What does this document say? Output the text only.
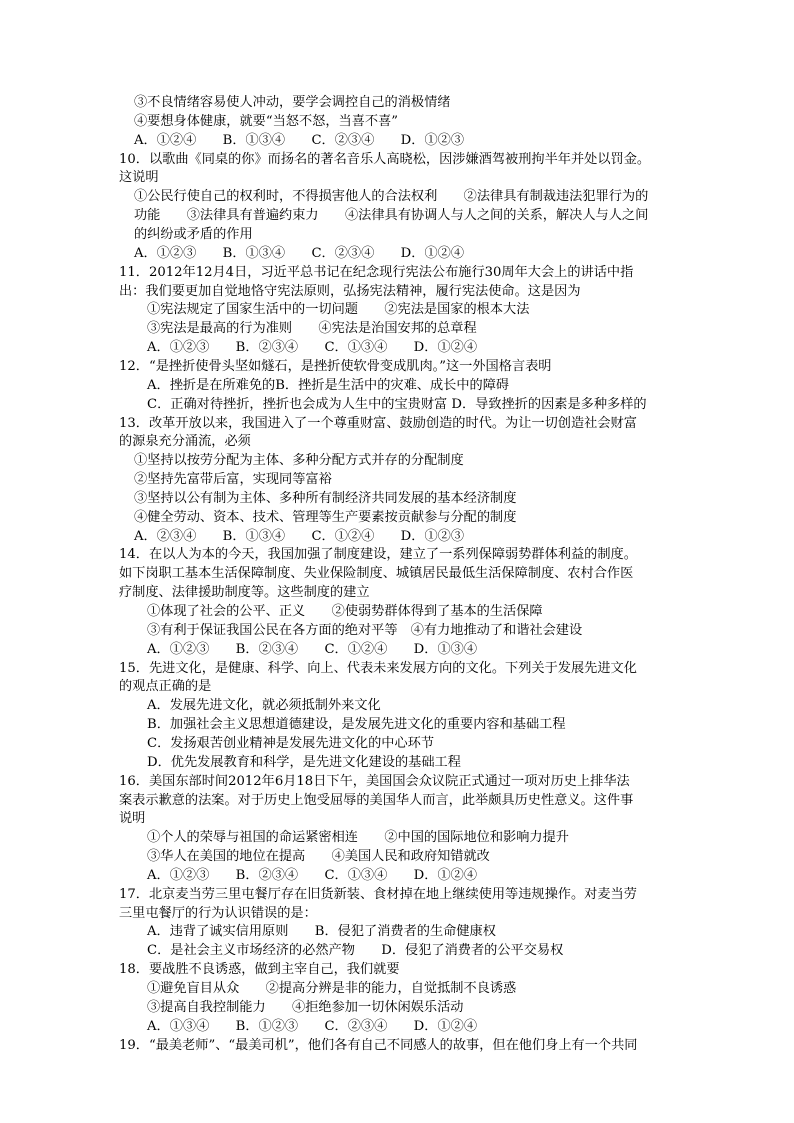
③不良情绪容易使人冲动，要学会调控自己的消极情绪
④要想身体健康，就要“当怒不怒，当喜不喜”
A．①②④　　B．①③④　　C．②③④　　D．①②③
10．以歌曲《同桌的你》而扬名的著名音乐人高晓松，因涉嫌酒驾被刑拘半年并处以罚金。
这说明
①公民行使自己的权利时，不得损害他人的合法权利　　②法律具有制裁违法犯罪行为的
功能　　③法律具有普遍约束力　　④法律具有协调人与人之间的关系，解决人与人之间
的纠纷或矛盾的作用
A．①②③　　B．①③④　　C．②③④　　D．①②④
11．2012年12月4日，习近平总书记在纪念现行宪法公布施行30周年大会上的讲话中指
出：我们要更加自觉地恪守宪法原则，弘扬宪法精神，履行宪法使命。这是因为
①宪法规定了国家生活中的一切问题　　②宪法是国家的根本大法
③宪法是最高的行为准则　　④宪法是治国安邦的总章程
A．①②③　　B．②③④　　C．①③④　　D．①②④
12．“是挫折使骨头坚如燧石，是挫折使软骨变成肌肉。”这一外国格言表明
A．挫折是在所难免的B．挫折是生活中的灾难、成长中的障碍
C．正确对待挫折，挫折也会成为人生中的宝贵财富 D．导致挫折的因素是多种多样的
13．改革开放以来，我国进入了一个尊重财富、鼓励创造的时代。为让一切创造社会财富
的源泉充分涌流，必须
①坚持以按劳分配为主体、多种分配方式并存的分配制度
②坚持先富带后富，实现同等富裕
③坚持以公有制为主体、多种所有制经济共同发展的基本经济制度
④健全劳动、资本、技术、管理等生产要素按贡献参与分配的制度
A．②③④　　B．①③④　　C．①②④　　D．①②③
14．在以人为本的今天，我国加强了制度建设，建立了一系列保障弱势群体利益的制度。
如下岗职工基本生活保障制度、失业保险制度、城镇居民最低生活保障制度、农村合作医
疗制度、法律援助制度等。这些制度的建立
①体现了社会的公平、正义　　②使弱势群体得到了基本的生活保障
③有利于保证我国公民在各方面的绝对平等　④有力地推动了和谐社会建设
A．①②③　　B．②③④　　C．①②④　　D．①③④
15．先进文化，是健康、科学、向上、代表未来发展方向的文化。下列关于发展先进文化
的观点正确的是
A．发展先进文化，就必须抵制外来文化
B．加强社会主义思想道德建设，是发展先进文化的重要内容和基础工程
C．发扬艰苦创业精神是发展先进文化的中心环节
D．优先发展教育和科学，是先进文化建设的基础工程
16．美国东部时间2012年6月18日下午，美国国会众议院正式通过一项对历史上排华法
案表示歉意的法案。对于历史上饱受屈辱的美国华人而言，此举颇具历史性意义。这件事
说明
①个人的荣辱与祖国的命运紧密相连　　②中国的国际地位和影响力提升
③华人在美国的地位在提高　　④美国人民和政府知错就改
A．①②③　　B．②③④　　C．①③④　　D．①②④
17．北京麦当劳三里屯餐厅存在旧货新装、食材掉在地上继续使用等违规操作。对麦当劳
三里屯餐厅的行为认识错误的是：
A．违背了诚实信用原则　　B．侵犯了消费者的生命健康权
C．是社会主义市场经济的必然产物　　D．侵犯了消费者的公平交易权
18．要战胜不良诱惑，做到主宰自己，我们就要
①避免盲目从众　　②提高分辨是非的能力，自觉抵制不良诱惑
③提高自我控制能力　　④拒绝参加一切休闲娱乐活动
A．①③④　　B．①②③　　C．②③④　　D．①②④
19．“最美老师”、“最美司机”，他们各有自己不同感人的故事，但在他们身上有一个共同
